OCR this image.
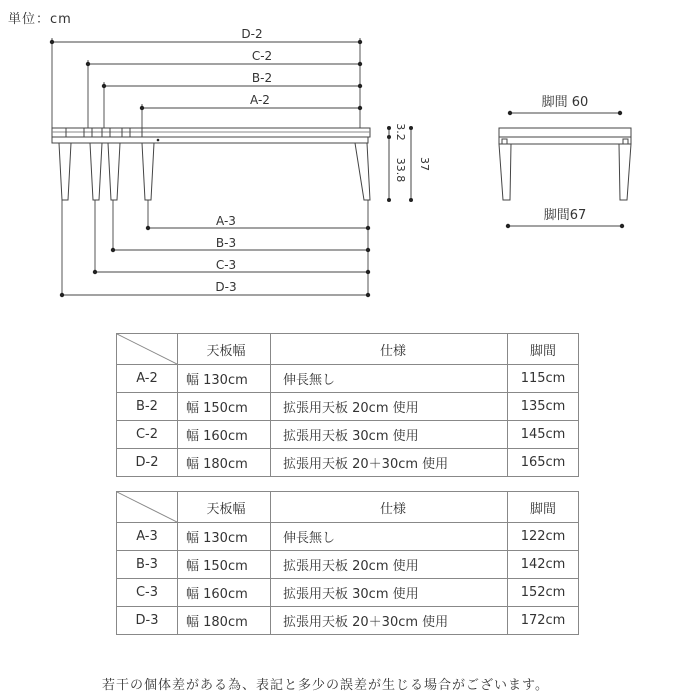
単位：cm
D-2
C-2
B-2
A-2
3.2
33.8 37
A-3
B-3
C-3
D-3
脚間 60
脚間67
	天板幅	仕様	脚間
A-2	幅 130cm	伸長無し	115cm
B-2	幅 150cm	拡張用天板 20cm 使用	135cm
C-2	幅 160cm	拡張用天板 30cm 使用	145cm
D-2	幅 180cm	拡張用天板 20＋30cm 使用	165cm
	天板幅	仕様	脚間
A-3	幅 130cm	伸長無し	122cm
B-3	幅 150cm	拡張用天板 20cm 使用	142cm
C-3	幅 160cm	拡張用天板 30cm 使用	152cm
D-3	幅 180cm	拡張用天板 20＋30cm 使用	172cm
若干の個体差がある為、表記と多少の誤差が生じる場合がございます。
